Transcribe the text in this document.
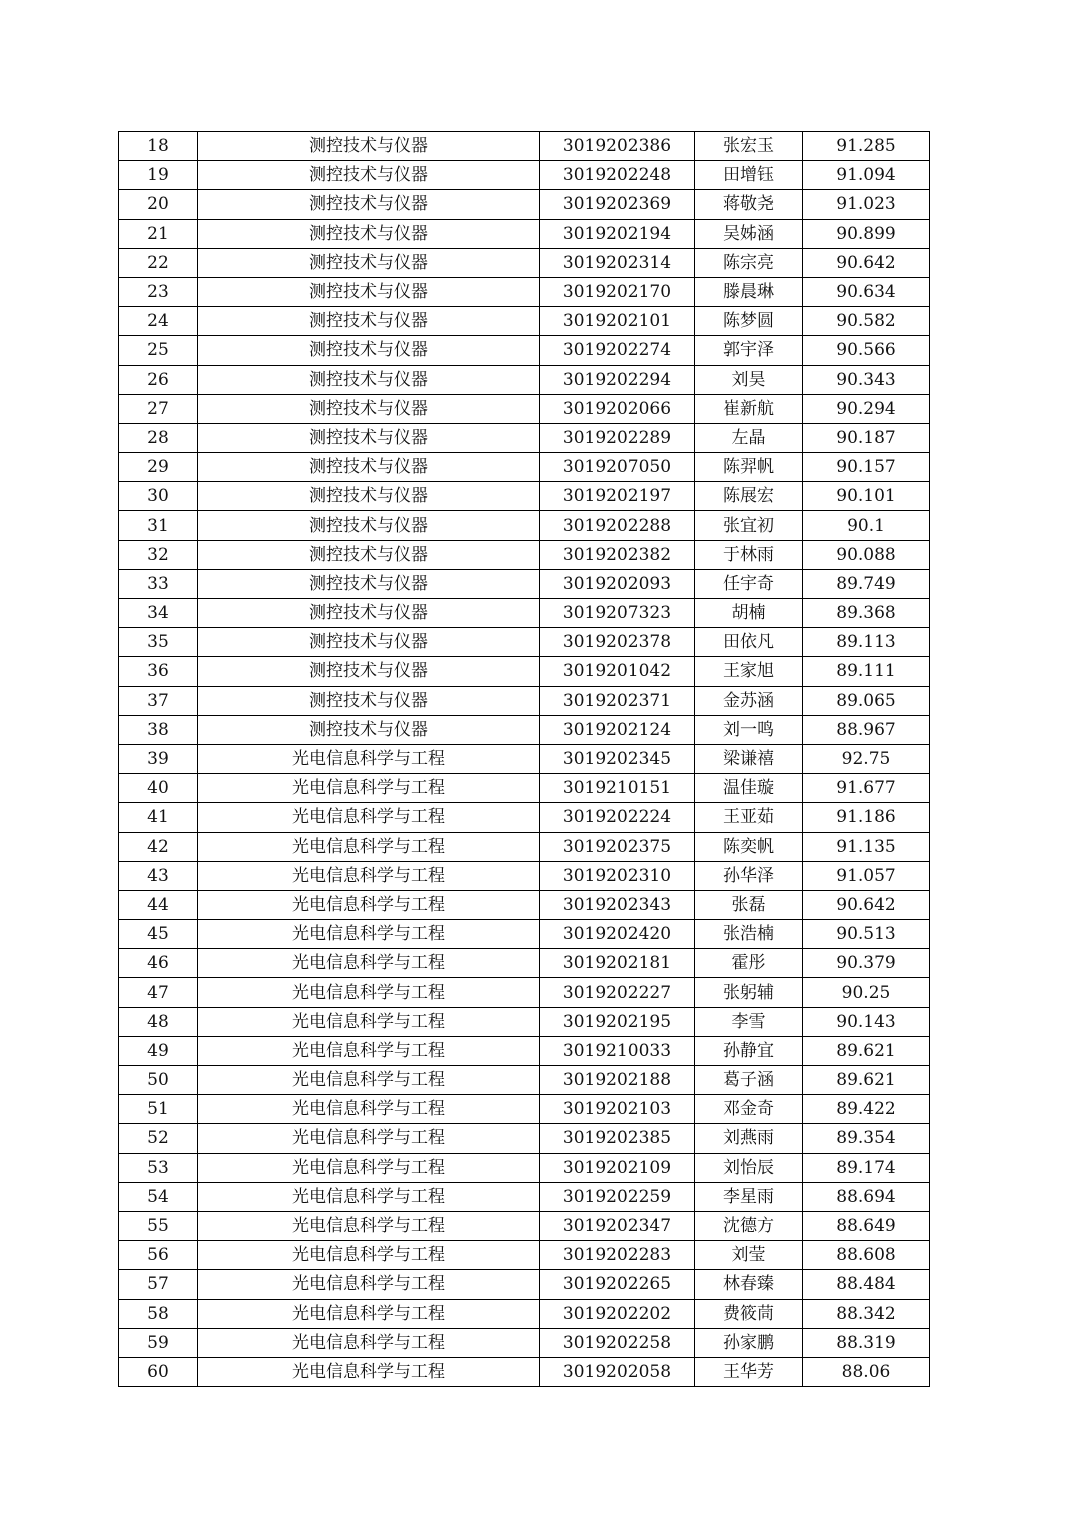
18	测控技术与仪器	3019202386	张宏玉	91.285
19	测控技术与仪器	3019202248	田增钰	91.094
20	测控技术与仪器	3019202369	蒋敬尧	91.023
21	测控技术与仪器	3019202194	吴姊涵	90.899
22	测控技术与仪器	3019202314	陈宗亮	90.642
23	测控技术与仪器	3019202170	滕晨琳	90.634
24	测控技术与仪器	3019202101	陈梦圆	90.582
25	测控技术与仪器	3019202274	郭宇泽	90.566
26	测控技术与仪器	3019202294	刘昊	90.343
27	测控技术与仪器	3019202066	崔新航	90.294
28	测控技术与仪器	3019202289	左晶	90.187
29	测控技术与仪器	3019207050	陈羿帆	90.157
30	测控技术与仪器	3019202197	陈展宏	90.101
31	测控技术与仪器	3019202288	张宜初	90.1
32	测控技术与仪器	3019202382	于林雨	90.088
33	测控技术与仪器	3019202093	任宇奇	89.749
34	测控技术与仪器	3019207323	胡楠	89.368
35	测控技术与仪器	3019202378	田依凡	89.113
36	测控技术与仪器	3019201042	王家旭	89.111
37	测控技术与仪器	3019202371	金苏涵	89.065
38	测控技术与仪器	3019202124	刘一鸣	88.967
39	光电信息科学与工程	3019202345	梁谦禧	92.75
40	光电信息科学与工程	3019210151	温佳璇	91.677
41	光电信息科学与工程	3019202224	王亚茹	91.186
42	光电信息科学与工程	3019202375	陈奕帆	91.135
43	光电信息科学与工程	3019202310	孙华泽	91.057
44	光电信息科学与工程	3019202343	张磊	90.642
45	光电信息科学与工程	3019202420	张浩楠	90.513
46	光电信息科学与工程	3019202181	霍彤	90.379
47	光电信息科学与工程	3019202227	张躬辅	90.25
48	光电信息科学与工程	3019202195	李雪	90.143
49	光电信息科学与工程	3019210033	孙静宜	89.621
50	光电信息科学与工程	3019202188	葛子涵	89.621
51	光电信息科学与工程	3019202103	邓金奇	89.422
52	光电信息科学与工程	3019202385	刘燕雨	89.354
53	光电信息科学与工程	3019202109	刘怡辰	89.174
54	光电信息科学与工程	3019202259	李星雨	88.694
55	光电信息科学与工程	3019202347	沈德方	88.649
56	光电信息科学与工程	3019202283	刘莹	88.608
57	光电信息科学与工程	3019202265	林春臻	88.484
58	光电信息科学与工程	3019202202	费筱茼	88.342
59	光电信息科学与工程	3019202258	孙家鹏	88.319
60	光电信息科学与工程	3019202058	王华芳	88.06
